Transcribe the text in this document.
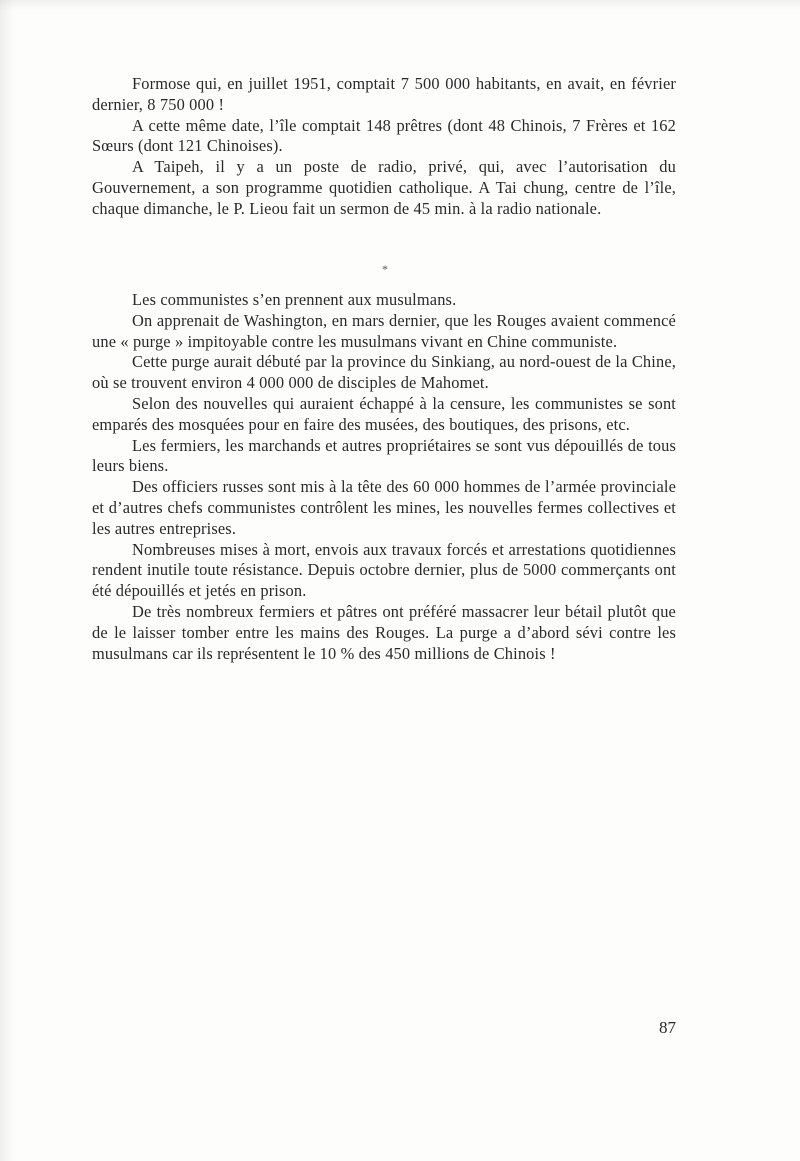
Formose qui, en juillet 1951, comptait 7 500 000 habitants, en avait, en février dernier, 8 750 000 !

A cette même date, l’île comptait 148 prêtres (dont 48 Chinois, 7 Frères et 162 Sœurs (dont 121 Chinoises).

A Taipeh, il y a un poste de radio, privé, qui, avec l’autorisation du Gouvernement, a son programme quotidien catholique. A Tai chung, centre de l’île, chaque dimanche, le P. Lieou fait un sermon de 45 min. à la radio nationale.

*

Les communistes s’en prennent aux musulmans.

On apprenait de Washington, en mars dernier, que les Rouges avaient commencé une « purge » impitoyable contre les musulmans vivant en Chine communiste.

Cette purge aurait débuté par la province du Sinkiang, au nord-ouest de la Chine, où se trouvent environ 4 000 000 de disciples de Mahomet.

Selon des nouvelles qui auraient échappé à la censure, les communistes se sont emparés des mosquées pour en faire des musées, des boutiques, des prisons, etc.

Les fermiers, les marchands et autres propriétaires se sont vus dépouillés de tous leurs biens.

Des officiers russes sont mis à la tête des 60 000 hommes de l’armée provinciale et d’autres chefs communistes contrôlent les mines, les nouvelles fermes collectives et les autres entreprises.

Nombreuses mises à mort, envois aux travaux forcés et arrestations quotidiennes rendent inutile toute résistance. Depuis octobre dernier, plus de 5000 commerçants ont été dépouillés et jetés en prison.

De très nombreux fermiers et pâtres ont préféré massacrer leur bétail plutôt que de le laisser tomber entre les mains des Rouges. La purge a d’abord sévi contre les musulmans car ils représentent le 10 % des 450 millions de Chinois !

87
